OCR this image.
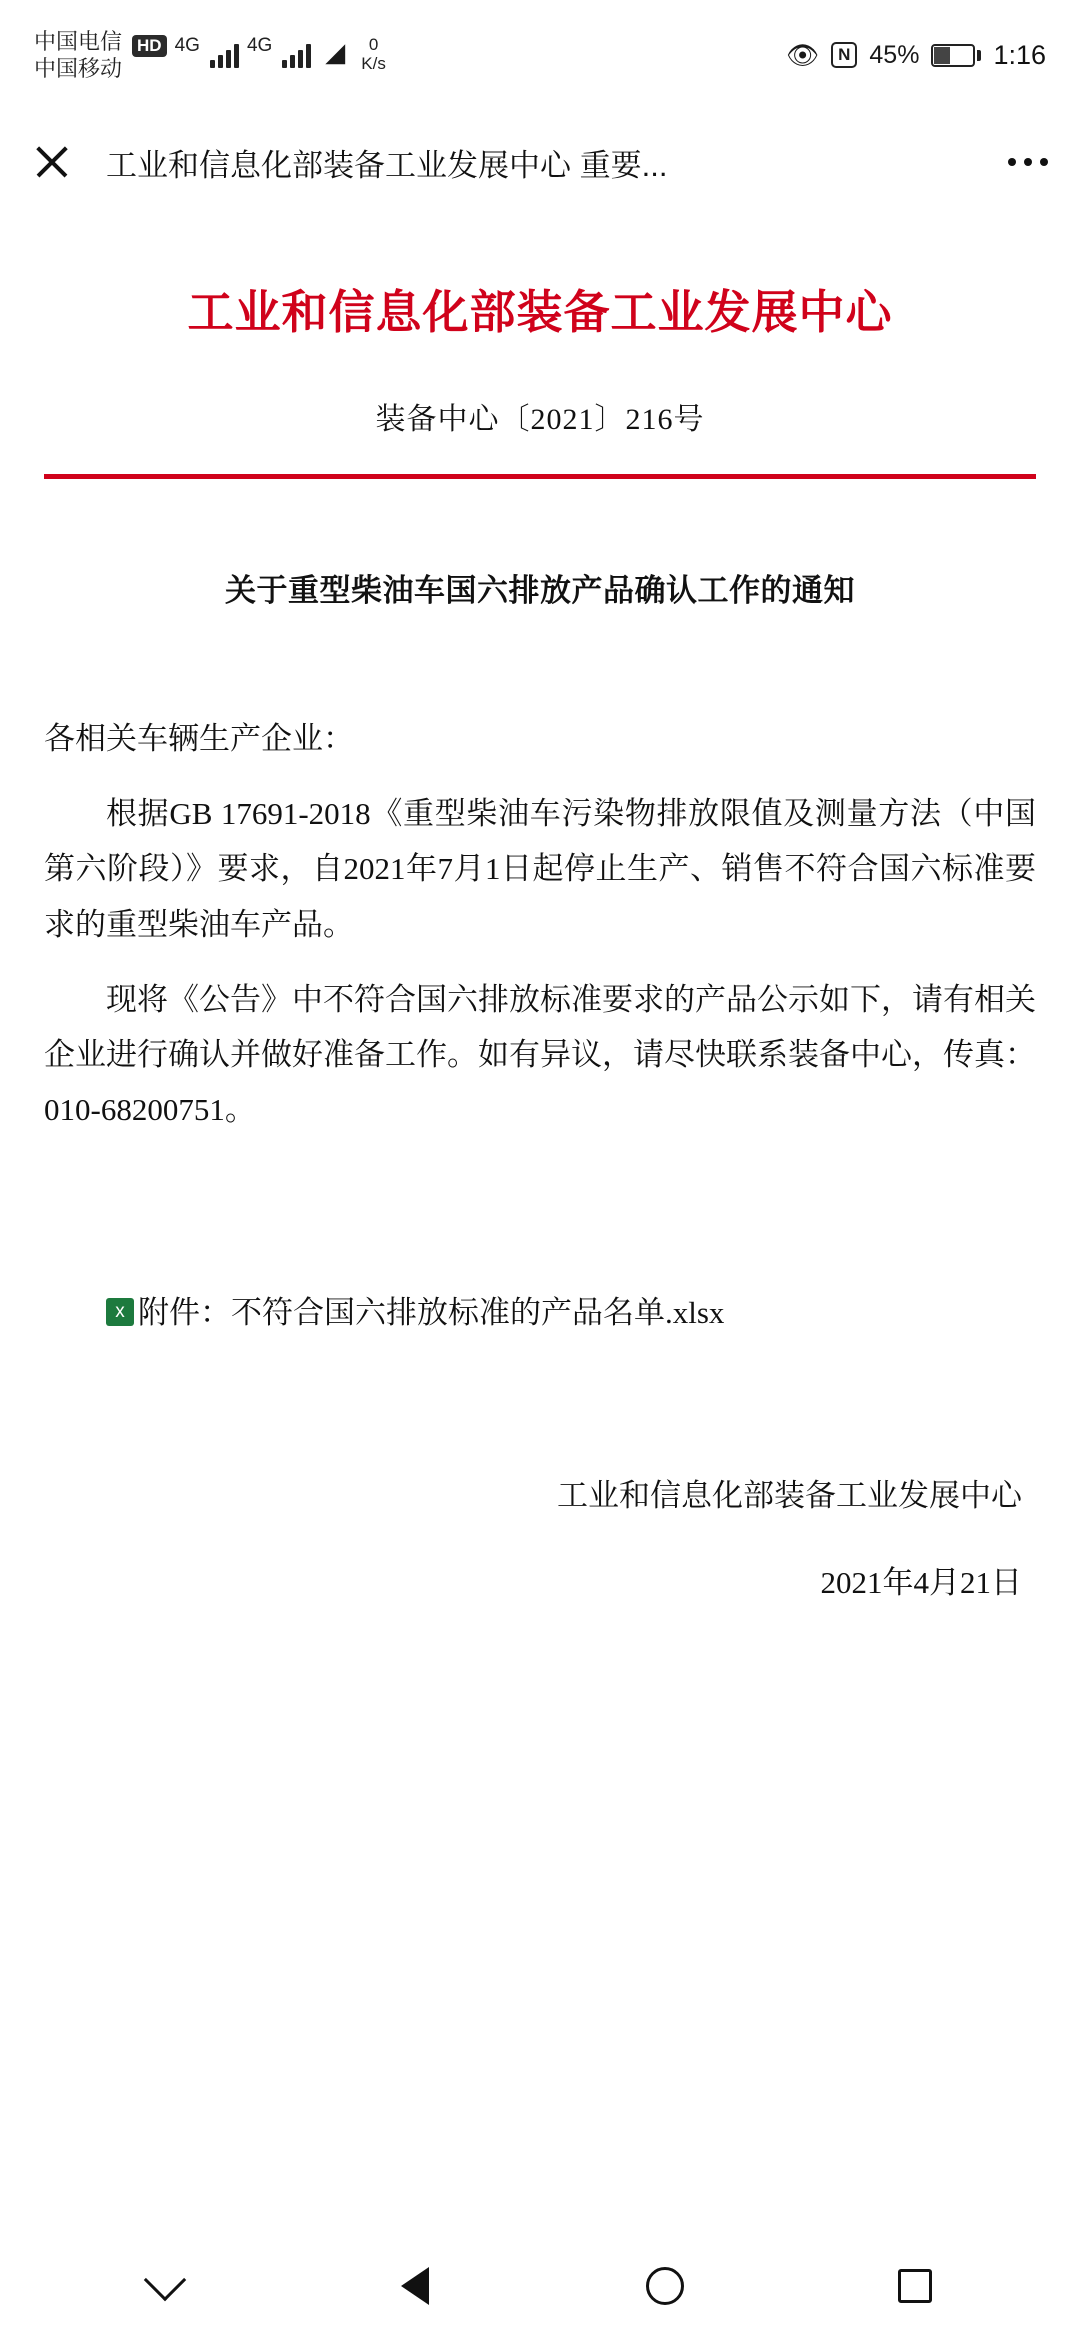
中国电信
中国移动
HD 4G 4G ◢ 0
K/s	👁	N 45%	1:16
工业和信息化部装备工业发展中心 重要...
工业和信息化部装备工业发展中心
装备中心〔2021〕216号
关于重型柴油车国六排放产品确认工作的通知
各相关车辆生产企业：
根据GB 17691-2018《重型柴油车污染物排放限值及测量方法（中国第六阶段）》要求，自2021年7月1日起停止生产、销售不符合国六标准要求的重型柴油车产品。
现将《公告》中不符合国六排放标准要求的产品公示如下，请有相关企业进行确认并做好准备工作。如有异议，请尽快联系装备中心，传真：010-68200751。
x附件：不符合国六排放标准的产品名单.xlsx
工业和信息化部装备工业发展中心
2021年4月21日
